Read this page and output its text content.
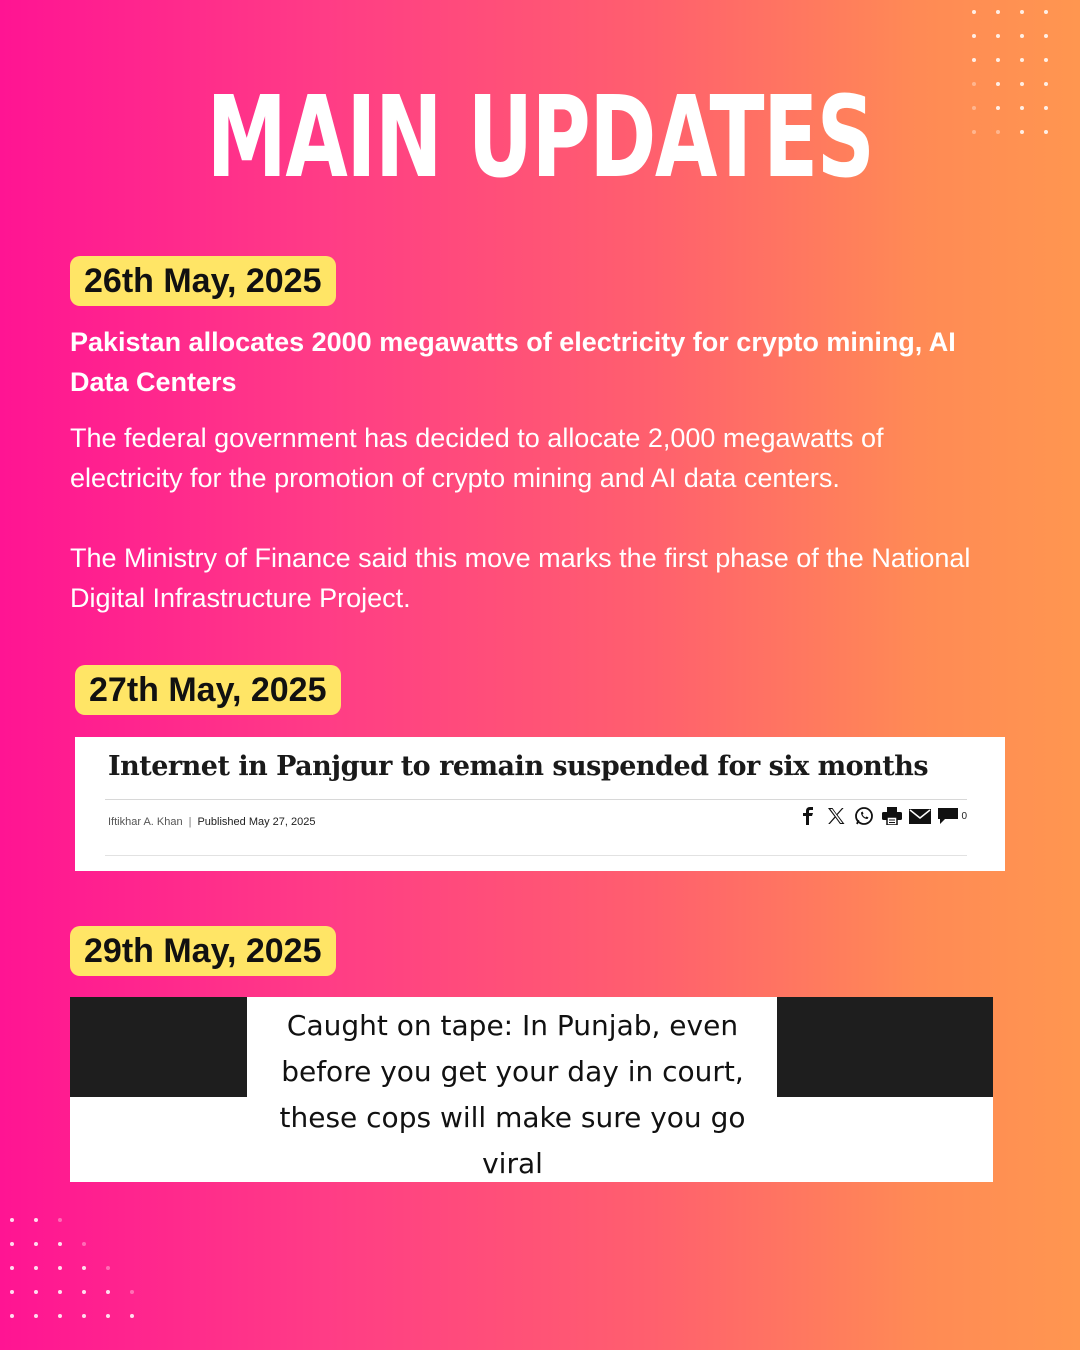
MAIN UPDATES
26th May, 2025
Pakistan allocates 2000 megawatts of electricity for crypto mining, AI Data Centers
The federal government has decided to allocate 2,000 megawatts of electricity for the promotion of crypto mining and AI data centers.
The Ministry of Finance said this move marks the first phase of the National Digital Infrastructure Project.
27th May, 2025
Internet in Panjgur to remain suspended for six months
Iftikhar A. Khan | Published May 27, 2025	0
29th May, 2025
Caught on tape: In Punjab, even before you get your day in court, these cops will make sure you go viral
